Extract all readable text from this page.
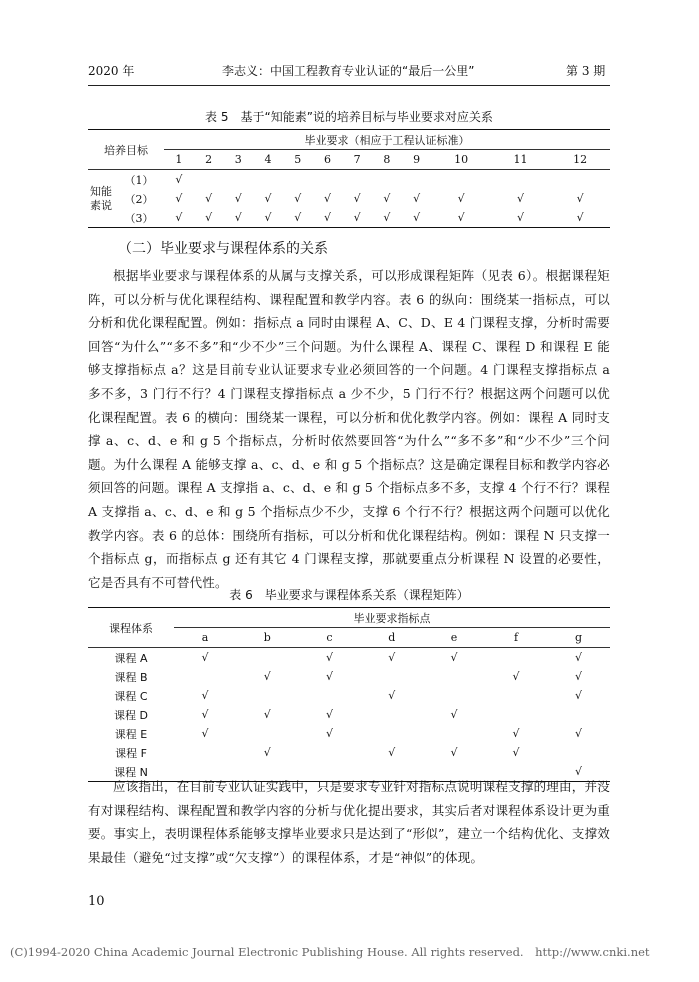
2020 年	李志义：中国工程教育专业认证的“最后一公里”	第 3 期
表 5　基于“知能素”说的培养目标与毕业要求对应关系
培养目标		毕业要求（相应于工程认证标准）											
		1	2	3	4	5	6	7	8	9	10	11	12
知能素说	（1）	√											
	（2）	√	√	√	√	√	√	√	√	√	√	√	√
	（3）	√	√	√	√	√	√	√	√	√	√	√	√
（二）毕业要求与课程体系的关系

根据毕业要求与课程体系的从属与支撑关系，可以形成课程矩阵（见表 6）。根据课程矩阵，可以分析与优化课程结构、课程配置和教学内容。表 6 的纵向：围绕某一指标点，可以分析和优化课程配置。例如：指标点 a 同时由课程 A、C、D、E 4 门课程支撑，分析时需要回答“为什么”“多不多”和“少不少”三个问题。为什么课程 A、课程 C、课程 D 和课程 E 能够支撑指标点 a？这是目前专业认证要求专业必须回答的一个问题。4 门课程支撑指标点 a 多不多，3 门行不行？4 门课程支撑指标点 a 少不少，5 门行不行？根据这两个问题可以优化课程配置。表 6 的横向：围绕某一课程，可以分析和优化教学内容。例如：课程 A 同时支撑 a、c、d、e 和 g 5 个指标点，分析时依然要回答“为什么”“多不多”和“少不少”三个问题。为什么课程 A 能够支撑 a、c、d、e 和 g 5 个指标点？这是确定课程目标和教学内容必须回答的问题。课程 A 支撑指 a、c、d、e 和 g 5 个指标点多不多，支撑 4 个行不行？课程 A 支撑指 a、c、d、e 和 g 5 个指标点少不少，支撑 6 个行不行？根据这两个问题可以优化教学内容。表 6 的总体：围绕所有指标，可以分析和优化课程结构。例如：课程 N 只支撑一个指标点 g，而指标点 g 还有其它 4 门课程支撑，那就要重点分析课程 N 设置的必要性，它是否具有不可替代性。

表 6　毕业要求与课程体系关系（课程矩阵）
课程体系	毕业要求指标点						
	a	b	c	d	e	f	g
课程 A	√		√	√	√		√
课程 B		√	√			√	√
课程 C	√			√			√
课程 D	√	√	√		√		
课程 E	√		√			√	√
课程 F		√		√	√	√	
课程 N							√

应该指出，在目前专业认证实践中，只是要求专业针对指标点说明课程支撑的理由，并没有对课程结构、课程配置和教学内容的分析与优化提出要求，其实后者对课程体系设计更为重要。事实上，表明课程体系能够支撑毕业要求只是达到了“形似”，建立一个结构优化、支撑效果最佳（避免“过支撑”或“欠支撑”）的课程体系，才是“神似”的体现。

10
(C)1994-2020 China Academic Journal Electronic Publishing House. All rights reserved.　http://www.cnki.net
